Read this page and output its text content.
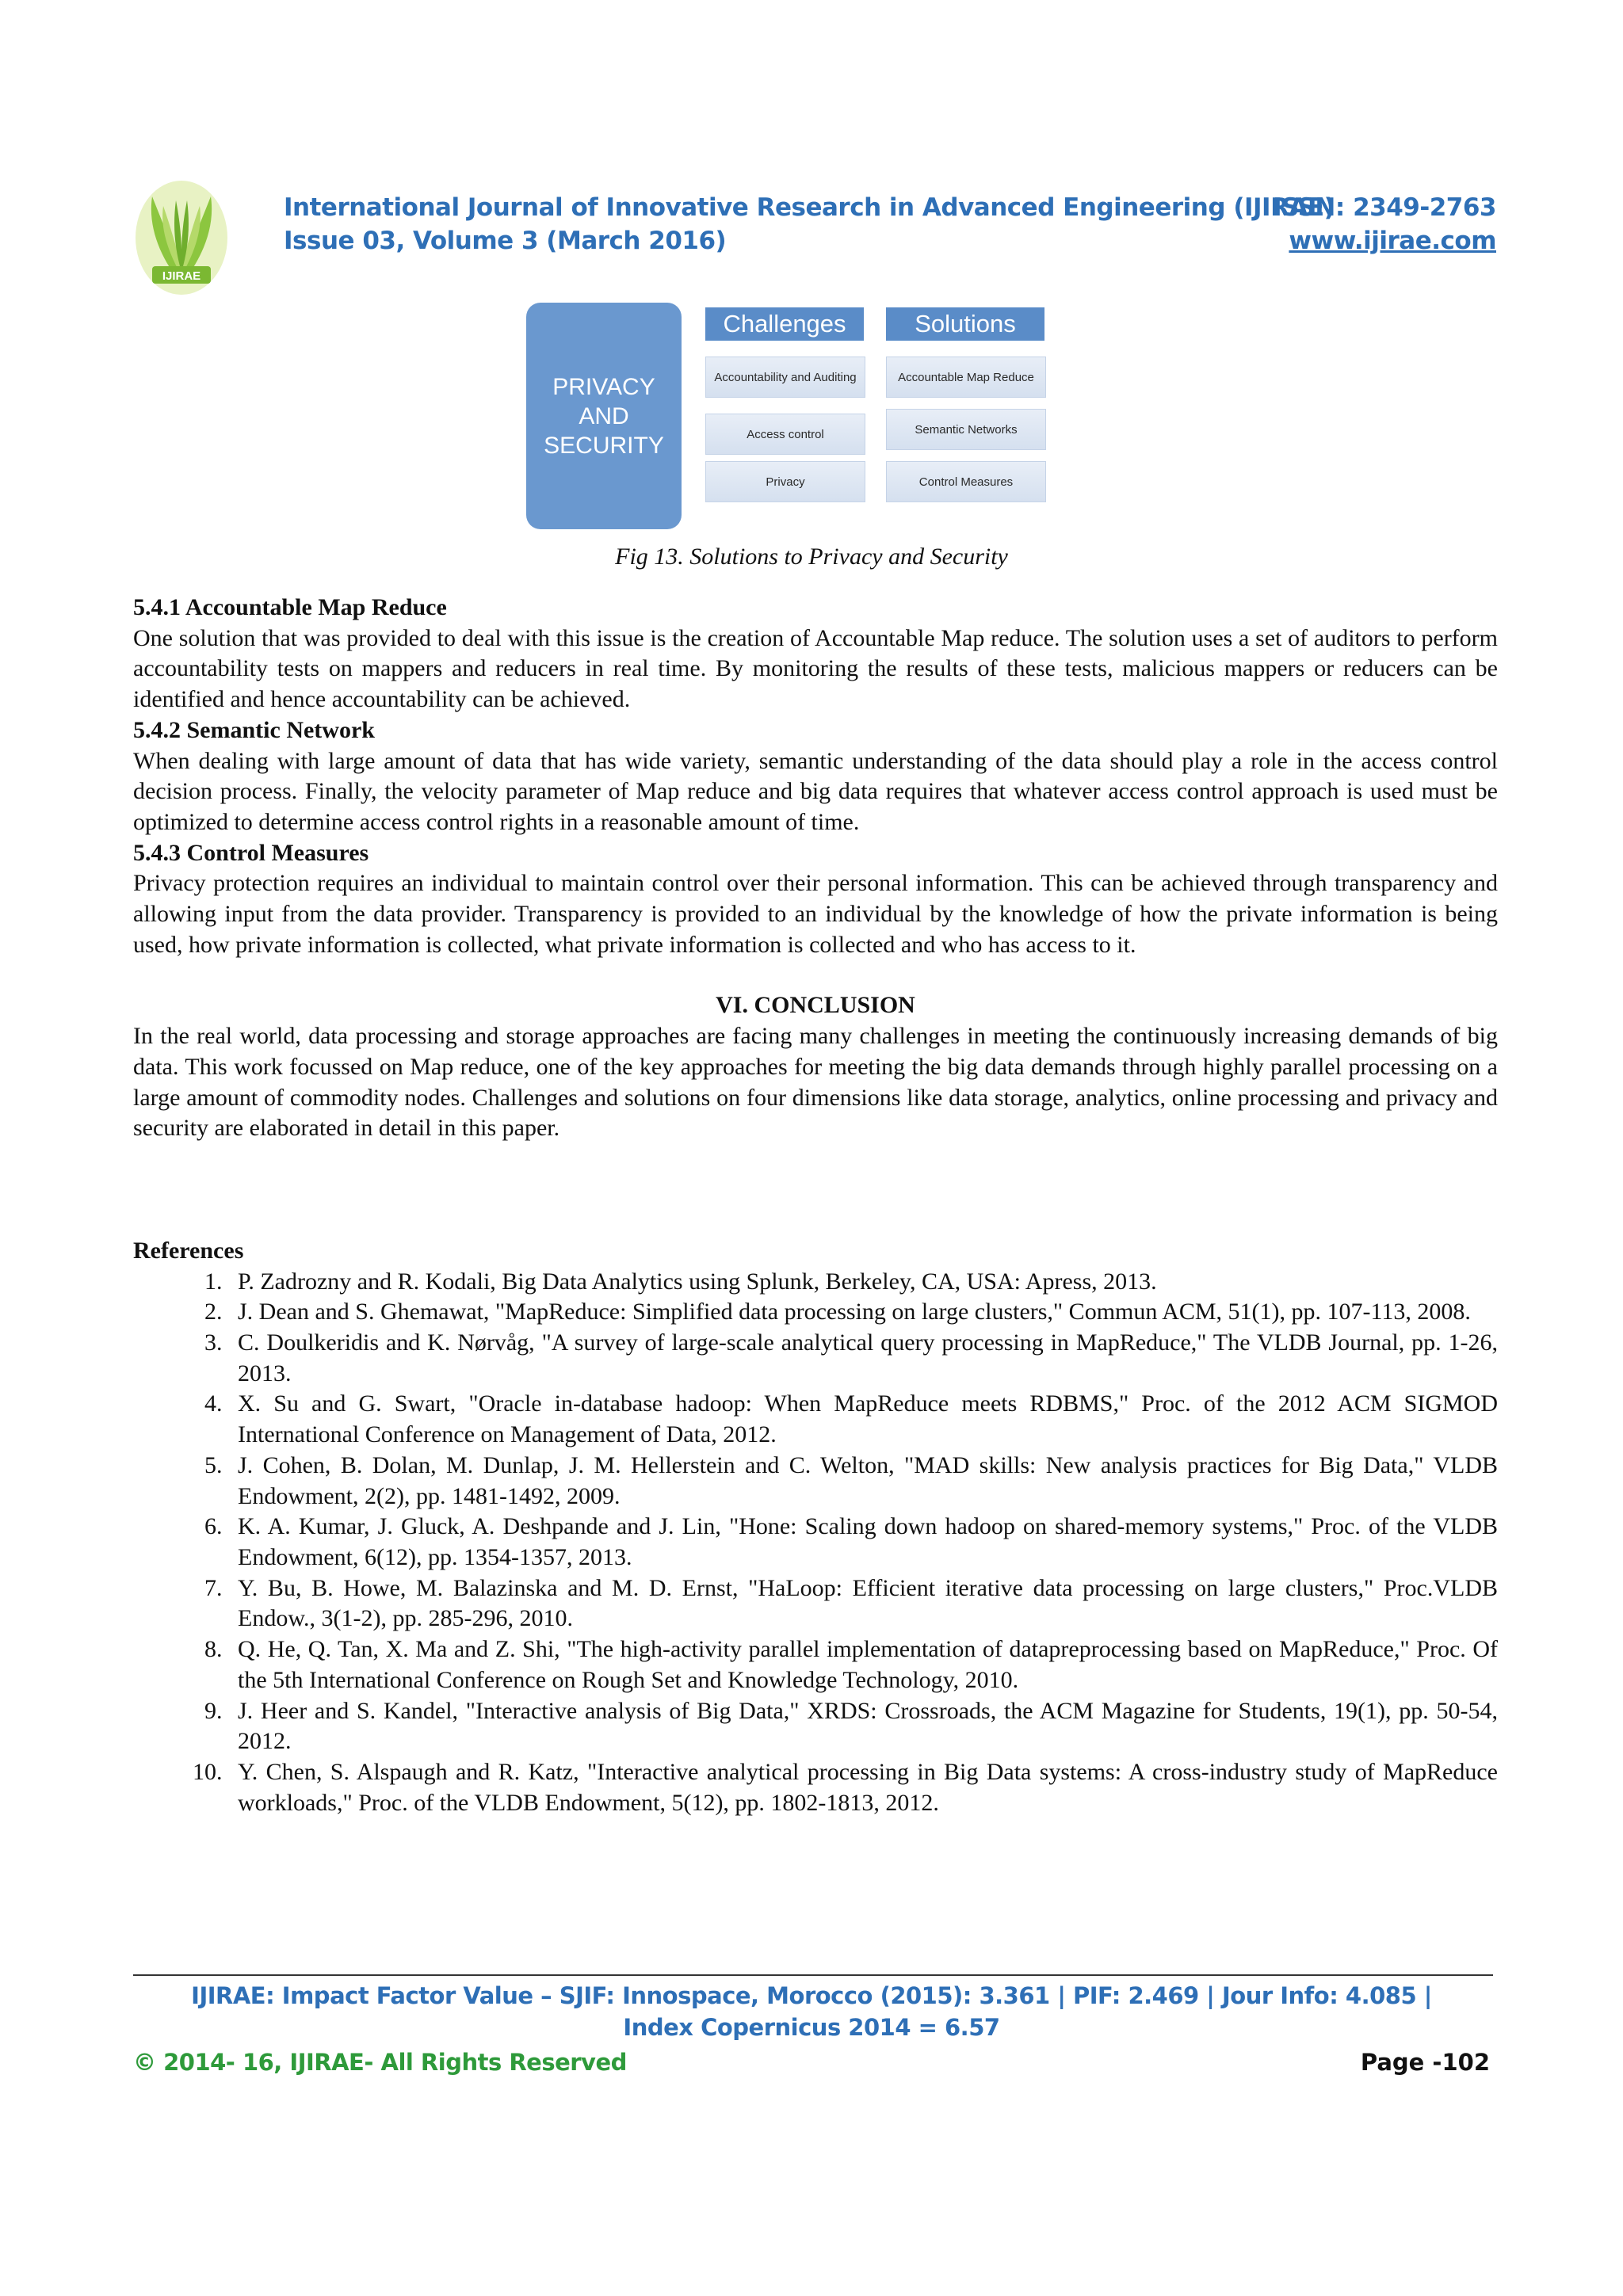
IJIRAE
International Journal of Innovative Research in Advanced Engineering (IJIRAE)
Issue 03, Volume 3 (March 2016)
ISSN: 2349-2763
www.ijirae.com
PRIVACY
AND
SECURITY
Challenges	Solutions
Accountability and Auditing
Access control
Privacy
Accountable Map Reduce
Semantic Networks
Control Measures
Fig 13. Solutions to Privacy and Security
5.4.1 Accountable Map Reduce

One solution that was provided to deal with this issue is the creation of Accountable Map reduce. The solution uses a set of auditors to perform accountability tests on mappers and reducers in real time. By monitoring the results of these tests, malicious mappers or reducers can be identified and hence accountability can be achieved.

5.4.2 Semantic Network

When dealing with large amount of data that has wide variety, semantic understanding of the data should play a role in the access control decision process. Finally, the velocity parameter of Map reduce and big data requires that whatever access control approach is used must be optimized to determine access control rights in a reasonable amount of time.

5.4.3 Control Measures

Privacy protection requires an individual to maintain control over their personal information. This can be achieved through transparency and allowing input from the data provider. Transparency is provided to an individual by the knowledge of how the private information is being used, how private information is collected, what private information is collected and who has access to it.

VI. CONCLUSION

In the real world, data processing and storage approaches are facing many challenges in meeting the continuously increasing demands of big data. This work focussed on Map reduce, one of the key approaches for meeting the big data demands through highly parallel processing on a large amount of commodity nodes. Challenges and solutions on four dimensions like data storage, analytics, online processing and privacy and security are elaborated in detail in this paper.

References
1. P. Zadrozny and R. Kodali, Big Data Analytics using Splunk, Berkeley, CA, USA: Apress, 2013.
2. J. Dean and S. Ghemawat, "MapReduce: Simplified data processing on large clusters," Commun ACM, 51(1), pp. 107-113, 2008.
3. C. Doulkeridis and K. Nørvåg, "A survey of large-scale analytical query processing in MapReduce," The VLDB Journal, pp. 1-26, 2013.
4. X. Su and G. Swart, "Oracle in-database hadoop: When MapReduce meets RDBMS," Proc. of the 2012 ACM SIGMOD International Conference on Management of Data, 2012.
5. J. Cohen, B. Dolan, M. Dunlap, J. M. Hellerstein and C. Welton, "MAD skills: New analysis practices for Big Data," VLDB Endowment, 2(2), pp. 1481-1492, 2009.
6. K. A. Kumar, J. Gluck, A. Deshpande and J. Lin, "Hone: Scaling down hadoop on shared-memory systems," Proc. of the VLDB Endowment, 6(12), pp. 1354-1357, 2013.
7. Y. Bu, B. Howe, M. Balazinska and M. D. Ernst, "HaLoop: Efficient iterative data processing on large clusters," Proc.VLDB Endow., 3(1-2), pp. 285-296, 2010.
8. Q. He, Q. Tan, X. Ma and Z. Shi, "The high-activity parallel implementation of datapreprocessing based on MapReduce," Proc. Of the 5th International Conference on Rough Set and Knowledge Technology, 2010.
9. J. Heer and S. Kandel, "Interactive analysis of Big Data," XRDS: Crossroads, the ACM Magazine for Students, 19(1), pp. 50-54, 2012.
10. Y. Chen, S. Alspaugh and R. Katz, "Interactive analytical processing in Big Data systems: A cross-industry study of MapReduce workloads," Proc. of the VLDB Endowment, 5(12), pp. 1802-1813, 2012.
IJIRAE: Impact Factor Value – SJIF: Innospace, Morocco (2015): 3.361 | PIF: 2.469 | Jour Info: 4.085 |
Index Copernicus 2014 = 6.57
© 2014- 16, IJIRAE- All Rights Reserved	Page -102
